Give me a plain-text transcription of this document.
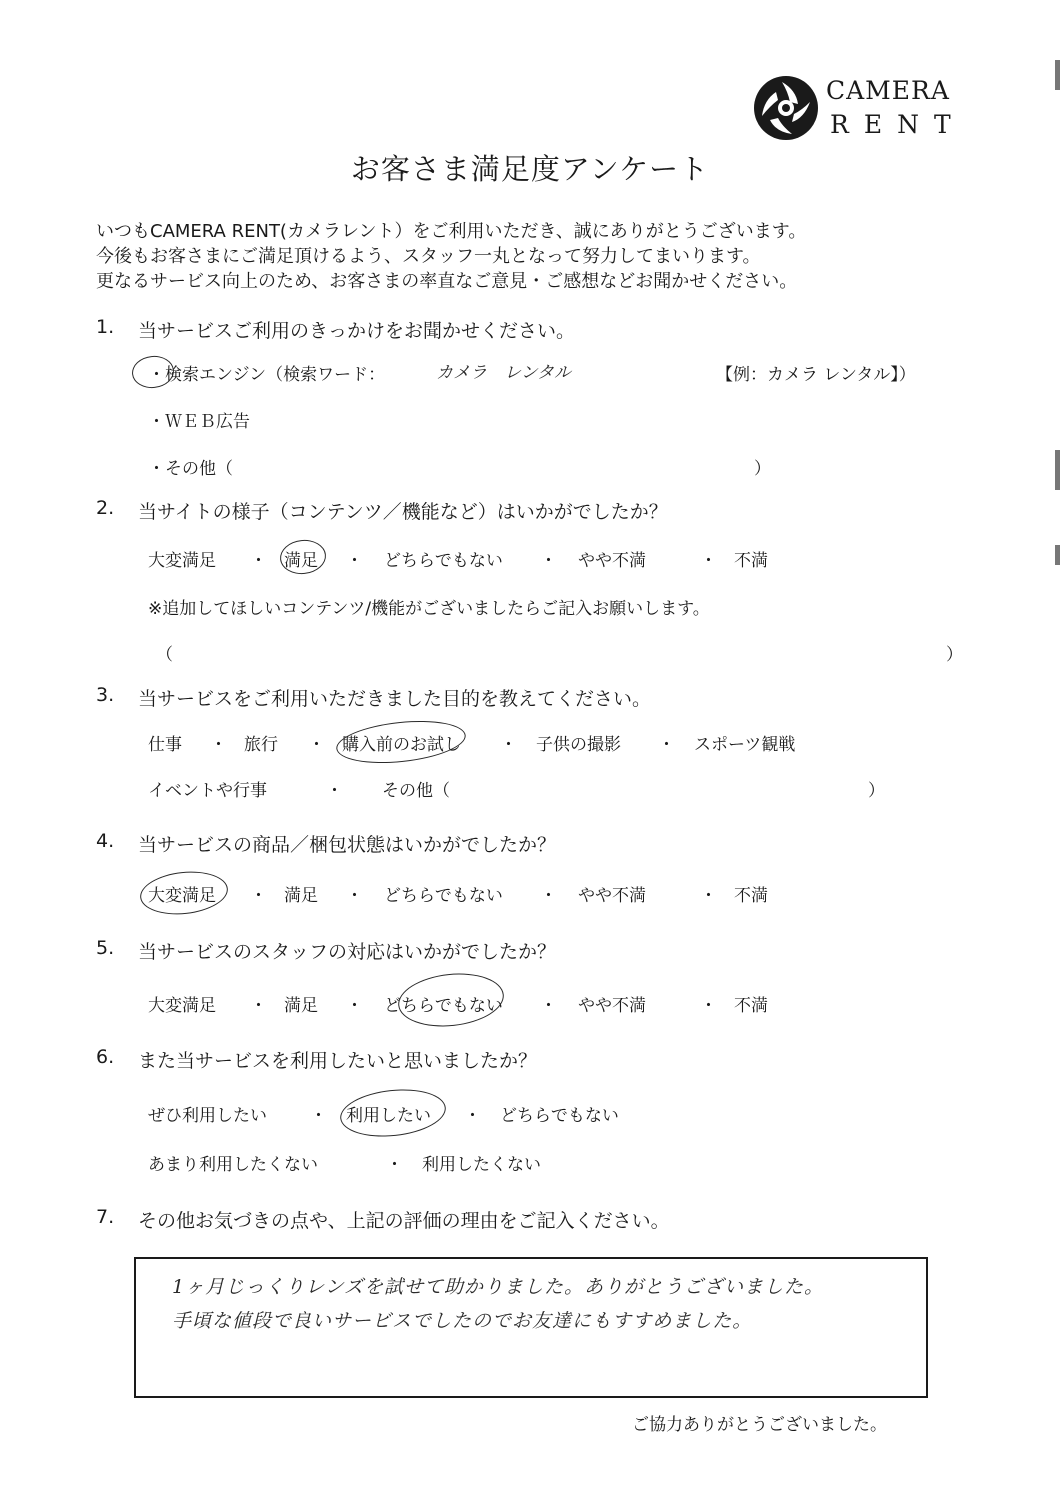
CAMERA
RENT
お客さま満足度アンケート
いつもCAMERA RENT(カメラレント）をご利用いただき、誠にありがとうございます。
今後もお客さまにご満足頂けるよう、スタッフ一丸となって努力してまいります。
更なるサービス向上のため、お客さまの率直なご意見・ご感想などお聞かせください。
1. 当サービスご利用のきっかけをお聞かせください。
・検索エンジン（検索ワード：	カメラ　レンタル	【例：カメラ レンタル】）
・ＷＥＢ広告
・その他（	）
2. 当サイトの様子（コンテンツ／機能など）はいかがでしたか？
大変満足 ・ 満足 ・ どちらでもない ・ やや不満	・ 不満
※追加してほしいコンテンツ/機能がございましたらご記入お願いします。
（	）
3. 当サービスをご利用いただきました目的を教えてください。
仕事 ・ 旅行 ・ 購入前のお試し ・ 子供の撮影 ・ スポーツ観戦
イベントや行事	・ その他（	）
4. 当サービスの商品／梱包状態はいかがでしたか？
大変満足 ・ 満足 ・ どちらでもない ・ やや不満	・ 不満
5. 当サービスのスタッフの対応はいかがでしたか？
大変満足 ・ 満足 ・ どちらでもない ・ やや不満	・ 不満
6. また当サービスを利用したいと思いましたか？
ぜひ利用したい	・ 利用したい ・ どちらでもない
あまり利用したくない	・ 利用したくない
7. その他お気づきの点や、上記の評価の理由をご記入ください。
1ヶ月じっくりレンズを試せて助かりました。ありがとうございました。
手頃な値段で良いサービスでしたのでお友達にもすすめました。
ご協力ありがとうございました。
